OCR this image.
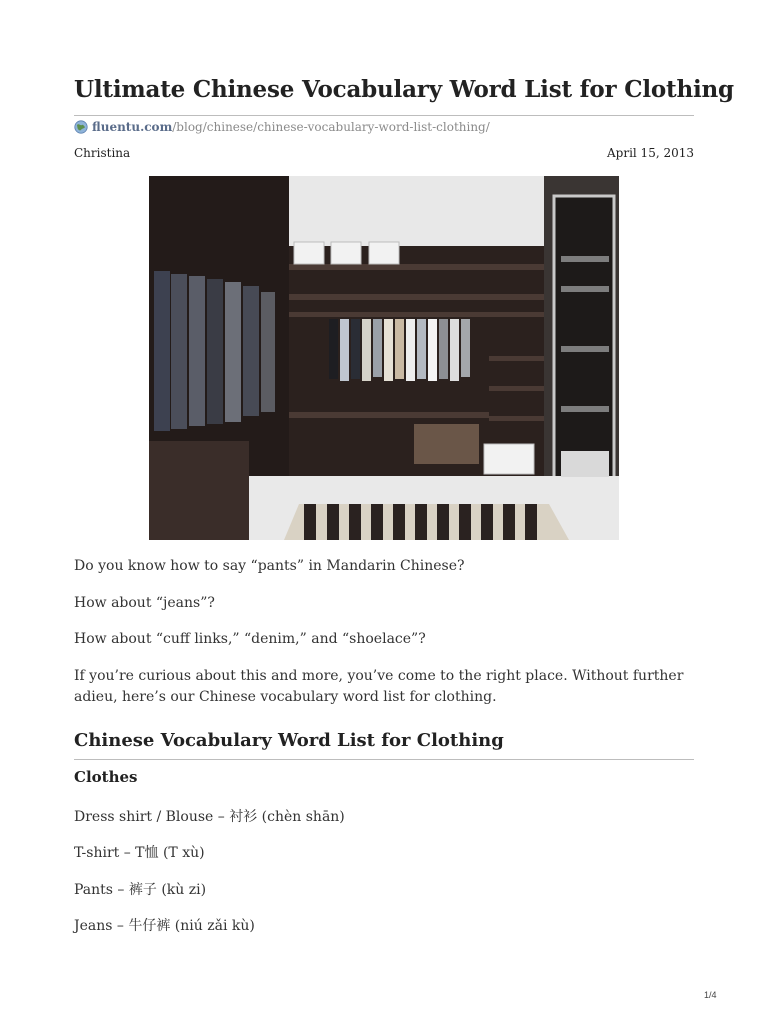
Ultimate Chinese Vocabulary Word List for Clothing
fluentu.com /blog/chinese/chinese-vocabulary-word-list-clothing/
Christina	April 15, 2013

Do you know how to say “pants” in Mandarin Chinese?

How about “jeans”?

How about “cuff links,” “denim,” and “shoelace”?

If you’re curious about this and more, you’ve come to the right place. Without further adieu, here’s our Chinese vocabulary word list for clothing.

Chinese Vocabulary Word List for Clothing
Clothes

Dress shirt / Blouse – 衬衫 (chèn shān)

T-shirt – T恤 (T xù)

Pants – 裤子 (kù zi)

Jeans – 牛仔裤 (niú zǎi kù)

1/4
